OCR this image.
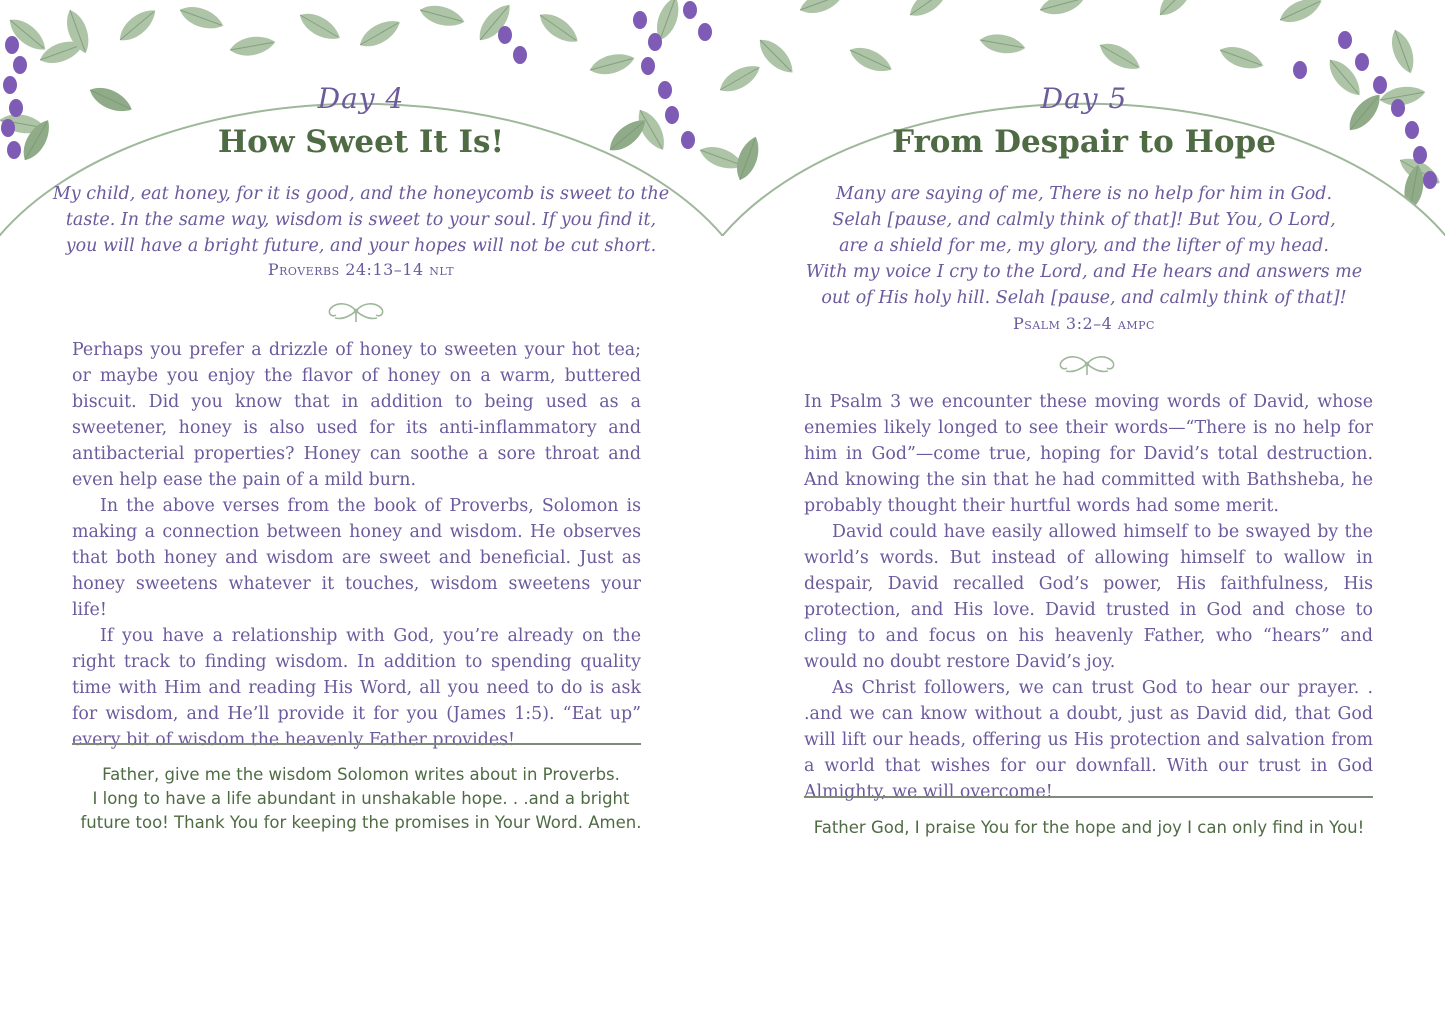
Day 4
How Sweet It Is!
My child, eat honey, for it is good, and the honeycomb is sweet to the
taste. In the same way, wisdom is sweet to your soul. If you find it,
you will have a bright future, and your hopes will not be cut short.
Proverbs 24:13–14 nlt

Perhaps you prefer a drizzle of honey to sweeten your hot tea; or maybe you enjoy the flavor of honey on a warm, buttered biscuit. Did you know that in addition to being used as a sweetener, honey is also used for its anti-inflammatory and antibacterial properties? Honey can soothe a sore throat and even help ease the pain of a mild burn.

In the above verses from the book of Proverbs, Solomon is making a connection between honey and wisdom. He observes that both honey and wisdom are sweet and beneficial. Just as honey sweetens whatever it touches, wisdom sweetens your life!

If you have a relationship with God, you’re already on the right track to finding wisdom. In addition to spending quality time with Him and reading His Word, all you need to do is ask for wisdom, and He’ll provide it for you (James 1:5). “Eat up” every bit of wisdom the heavenly Father provides!

Father, give me the wisdom Solomon writes about in Proverbs.
I long to have a life abundant in unshakable hope. . .and a bright
future too! Thank You for keeping the promises in Your Word. Amen.
Day 5
From Despair to Hope
Many are saying of me, There is no help for him in God.
Selah [pause, and calmly think of that]! But You, O Lord,
are a shield for me, my glory, and the lifter of my head.
With my voice I cry to the Lord, and He hears and answers me
out of His holy hill. Selah [pause, and calmly think of that]!
Psalm 3:2–4 ampc

In Psalm 3 we encounter these moving words of David, whose enemies likely longed to see their words—“There is no help for him in God”—come true, hoping for David’s total destruction. And knowing the sin that he had committed with Bathsheba, he probably thought their hurtful words had some merit.

David could have easily allowed himself to be swayed by the world’s words. But instead of allowing himself to wallow in despair, David recalled God’s power, His faithfulness, His protection, and His love. David trusted in God and chose to cling to and focus on his heavenly Father, who “hears” and would no doubt restore David’s joy.

As Christ followers, we can trust God to hear our prayer. . .and we can know without a doubt, just as David did, that God will lift our heads, offering us His protection and salvation from a world that wishes for our downfall. With our trust in God Almighty, we will overcome!

Father God, I praise You for the hope and joy I can only find in You!
